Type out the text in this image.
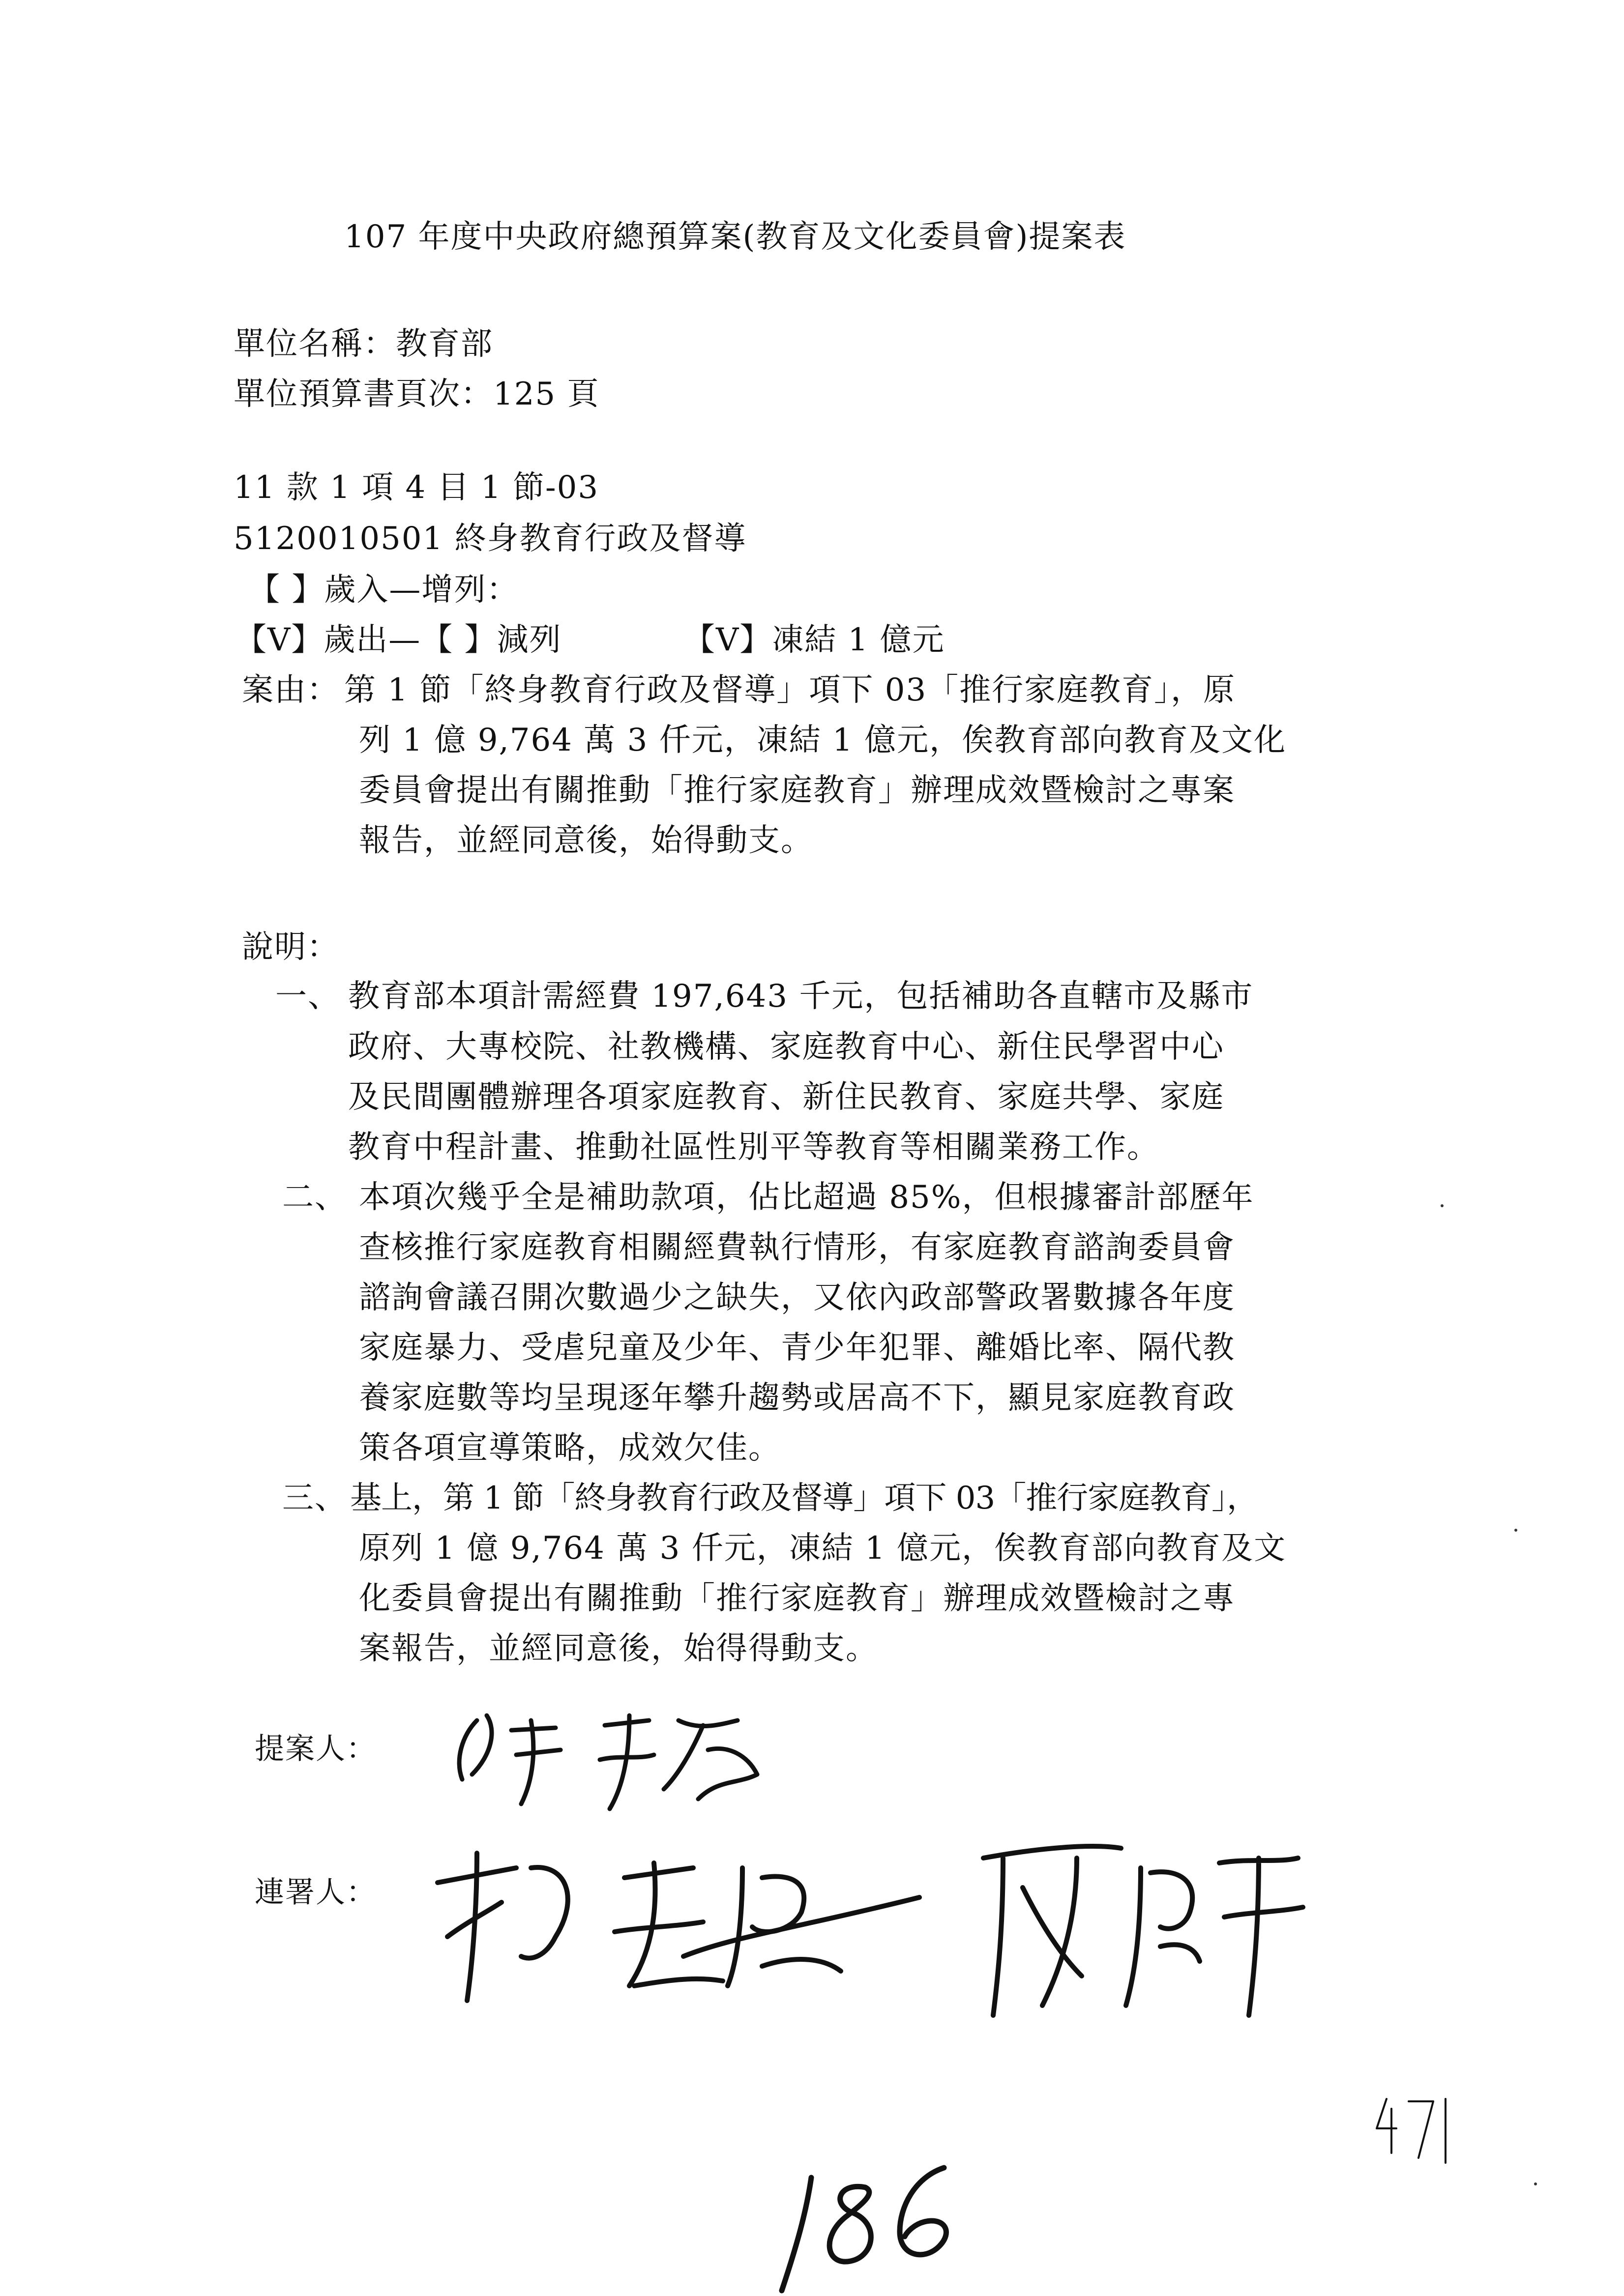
107 年度中央政府總預算案(教育及文化委員會)提案表
單位名稱：教育部
單位預算書頁次：125 頁
11 款 1 項 4 目 1 節-03
5120010501 終身教育行政及督導
【 】歲入—增列：
【V】歲出—【 】減列	【V】凍結 1 億元
案由： 第 1 節「終身教育行政及督導」項下 03「推行家庭教育」，原
列 1 億 9,764 萬 3 仟元，凍結 1 億元，俟教育部向教育及文化
委員會提出有關推動「推行家庭教育」辦理成效暨檢討之專案
報告，並經同意後，始得動支。
說明：
一、 教育部本項計需經費 197,643 千元，包括補助各直轄市及縣市
政府、大專校院、社教機構、家庭教育中心、新住民學習中心
及民間團體辦理各項家庭教育、新住民教育、家庭共學、家庭
教育中程計畫、推動社區性別平等教育等相關業務工作。
二、 本項次幾乎全是補助款項，佔比超過 85%，但根據審計部歷年
查核推行家庭教育相關經費執行情形，有家庭教育諮詢委員會
諮詢會議召開次數過少之缺失，又依內政部警政署數據各年度
家庭暴力、受虐兒童及少年、青少年犯罪、離婚比率、隔代教
養家庭數等均呈現逐年攀升趨勢或居高不下，顯見家庭教育政
策各項宣導策略，成效欠佳。
三、 基上，第 1 節「終身教育行政及督導」項下 03「推行家庭教育」，
原列 1 億 9,764 萬 3 仟元，凍結 1 億元，俟教育部向教育及文
化委員會提出有關推動「推行家庭教育」辦理成效暨檢討之專
案報告，並經同意後，始得得動支。
提案人：
連署人：
